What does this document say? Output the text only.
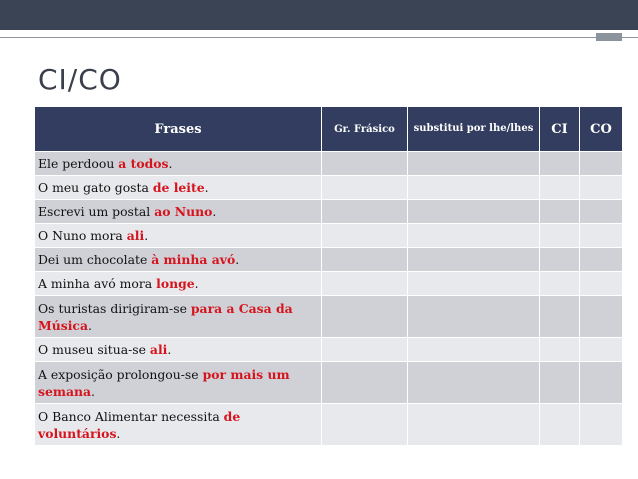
CI/CO
Frases	Gr. Frásico	substitui por lhe/lhes	CI	CO
Ele perdoou a todos.				
O meu gato gosta de leite.				
Escrevi um postal ao Nuno.				
O Nuno mora ali.				
Dei um chocolate à minha avó.				
A minha avó mora longe.				
Os turistas dirigiram-se para a Casa da Música.				
O museu situa-se ali.				
A exposição prolongou-se por mais um semana.				
O Banco Alimentar necessita de voluntários.				
